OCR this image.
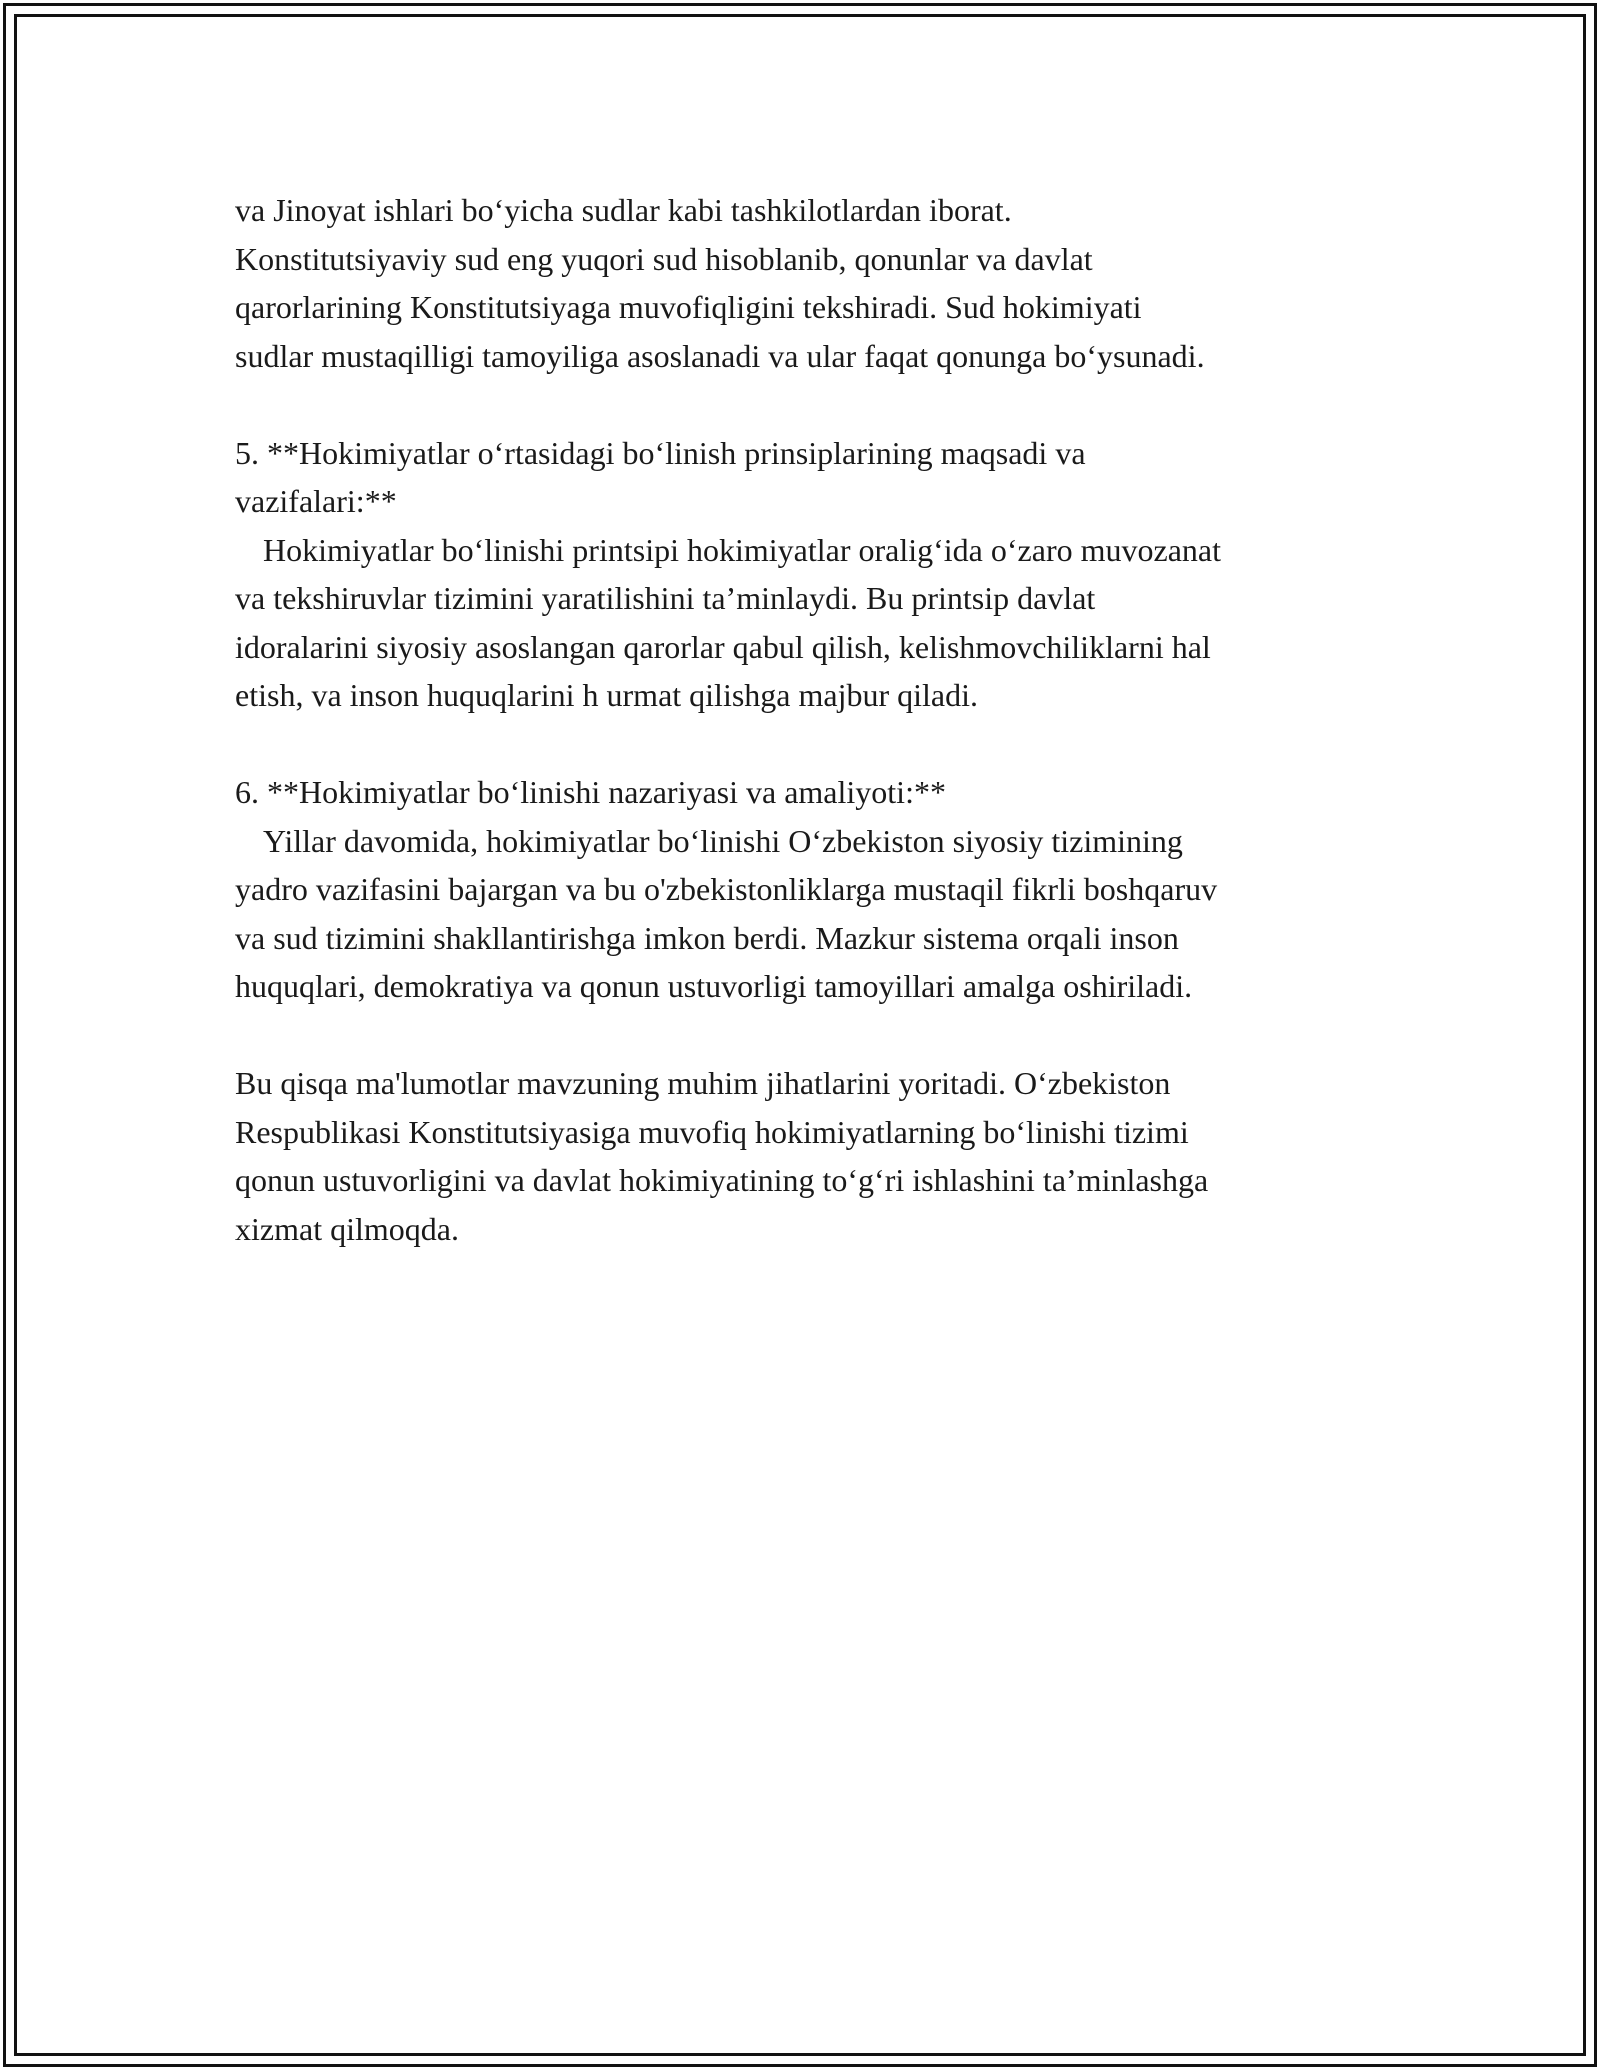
va Jinoyat ishlari bo‘yicha sudlar kabi tashkilotlardan iborat.
Konstitutsiyaviy sud eng yuqori sud hisoblanib, qonunlar va davlat
qarorlarining Konstitutsiyaga muvofiqligini tekshiradi. Sud hokimiyati
sudlar mustaqilligi tamoyiliga asoslanadi va ular faqat qonunga bo‘ysunadi.

5. **Hokimiyatlar o‘rtasidagi bo‘linish prinsiplarining maqsadi va
vazifalari:**

Hokimiyatlar bo‘linishi printsipi hokimiyatlar oralig‘ida o‘zaro muvozanat
va tekshiruvlar tizimini yaratilishini ta’minlaydi. Bu printsip davlat
idoralarini siyosiy asoslangan qarorlar qabul qilish, kelishmovchiliklarni hal
etish, va inson huquqlarini h urmat qilishga majbur qiladi.

6. **Hokimiyatlar bo‘linishi nazariyasi va amaliyoti:**

Yillar davomida, hokimiyatlar bo‘linishi O‘zbekiston siyosiy tizimining
yadro vazifasini bajargan va bu o'zbekistonliklarga mustaqil fikrli boshqaruv
va sud tizimini shakllantirishga imkon berdi. Mazkur sistema orqali inson
huquqlari, demokratiya va qonun ustuvorligi tamoyillari amalga oshiriladi.

Bu qisqa ma'lumotlar mavzuning muhim jihatlarini yoritadi. O‘zbekiston
Respublikasi Konstitutsiyasiga muvofiq hokimiyatlarning bo‘linishi tizimi
qonun ustuvorligini va davlat hokimiyatining to‘g‘ri ishlashini ta’minlashga
xizmat qilmoqda.
